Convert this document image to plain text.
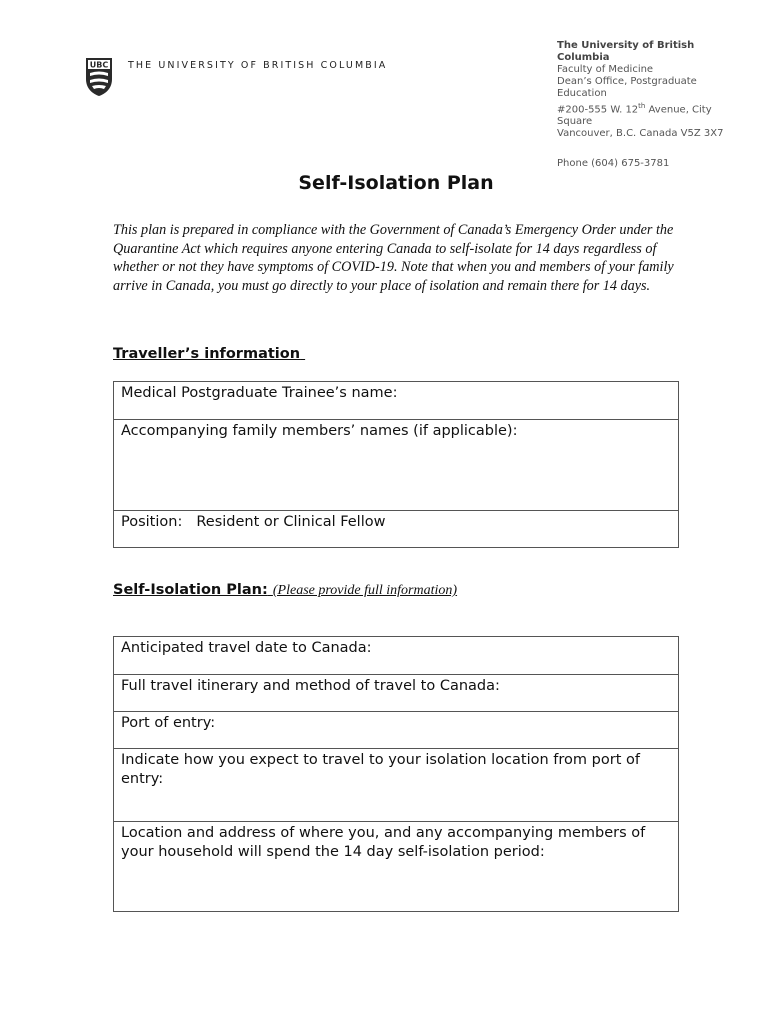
UBC THE UNIVERSITY OF BRITISH COLUMBIA
The University of British Columbia
Faculty of Medicine
Dean’s Office, Postgraduate Education
#200-555 W. 12th Avenue, City Square
Vancouver, B.C. Canada V5Z 3X7
Phone (604) 675-3781
Self-Isolation Plan
This plan is prepared in compliance with the Government of Canada’s Emergency Order under the Quarantine Act which requires anyone entering Canada to self-isolate for 14 days regardless of whether or not they have symptoms of COVID-19. Note that when you and members of your family arrive in Canada, you must go directly to your place of isolation and remain there for 14 days.
Traveller’s information
Medical Postgraduate Trainee’s name:
Accompanying family members’ names (if applicable):
Position: Resident or Clinical Fellow
Self-Isolation Plan: (Please provide full information)
Anticipated travel date to Canada:
Full travel itinerary and method of travel to Canada:
Port of entry:
Indicate how you expect to travel to your isolation location from port of entry:
Location and address of where you, and any accompanying members of your household will spend the 14 day self-isolation period:
